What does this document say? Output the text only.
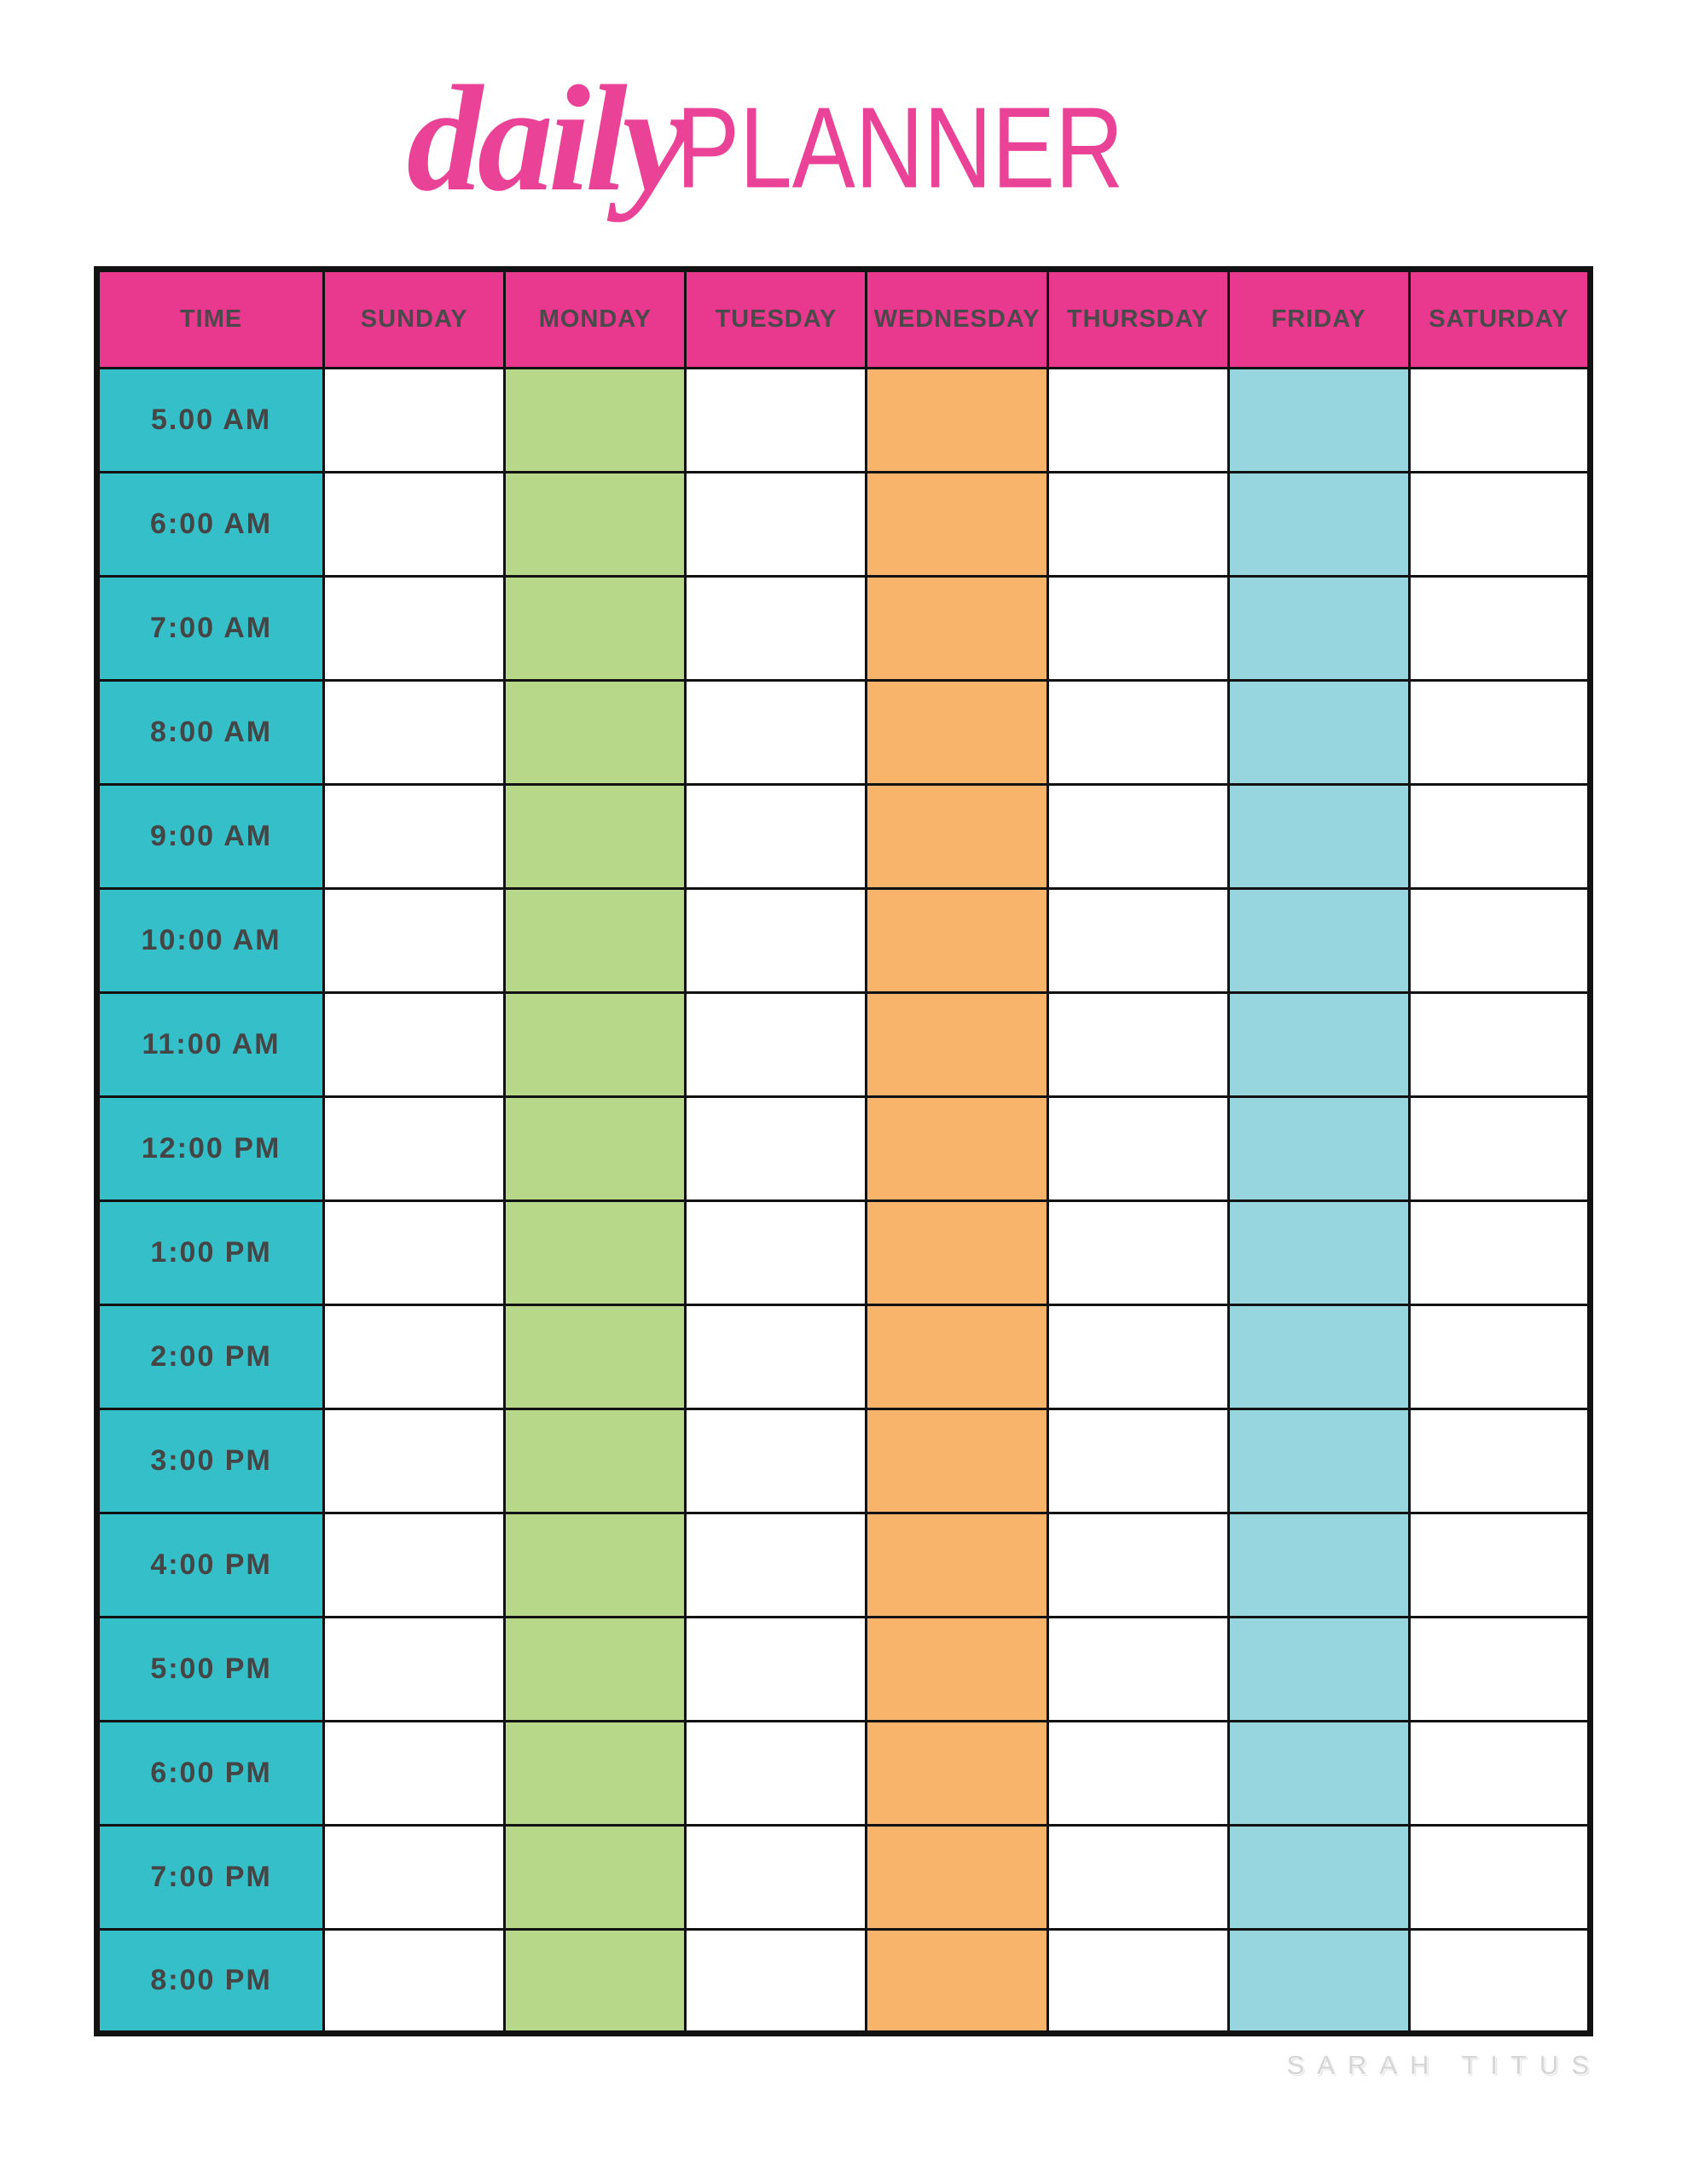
dailyPLANNER
TIME	SUNDAY	MONDAY	TUESDAY	WEDNESDAY	THURSDAY	FRIDAY	SATURDAY
5.00 AM							
6:00 AM							
7:00 AM							
8:00 AM							
9:00 AM							
10:00 AM							
11:00 AM							
12:00 PM							
1:00 PM							
2:00 PM							
3:00 PM							
4:00 PM							
5:00 PM							
6:00 PM							
7:00 PM							
8:00 PM							
SARAH TITUS
